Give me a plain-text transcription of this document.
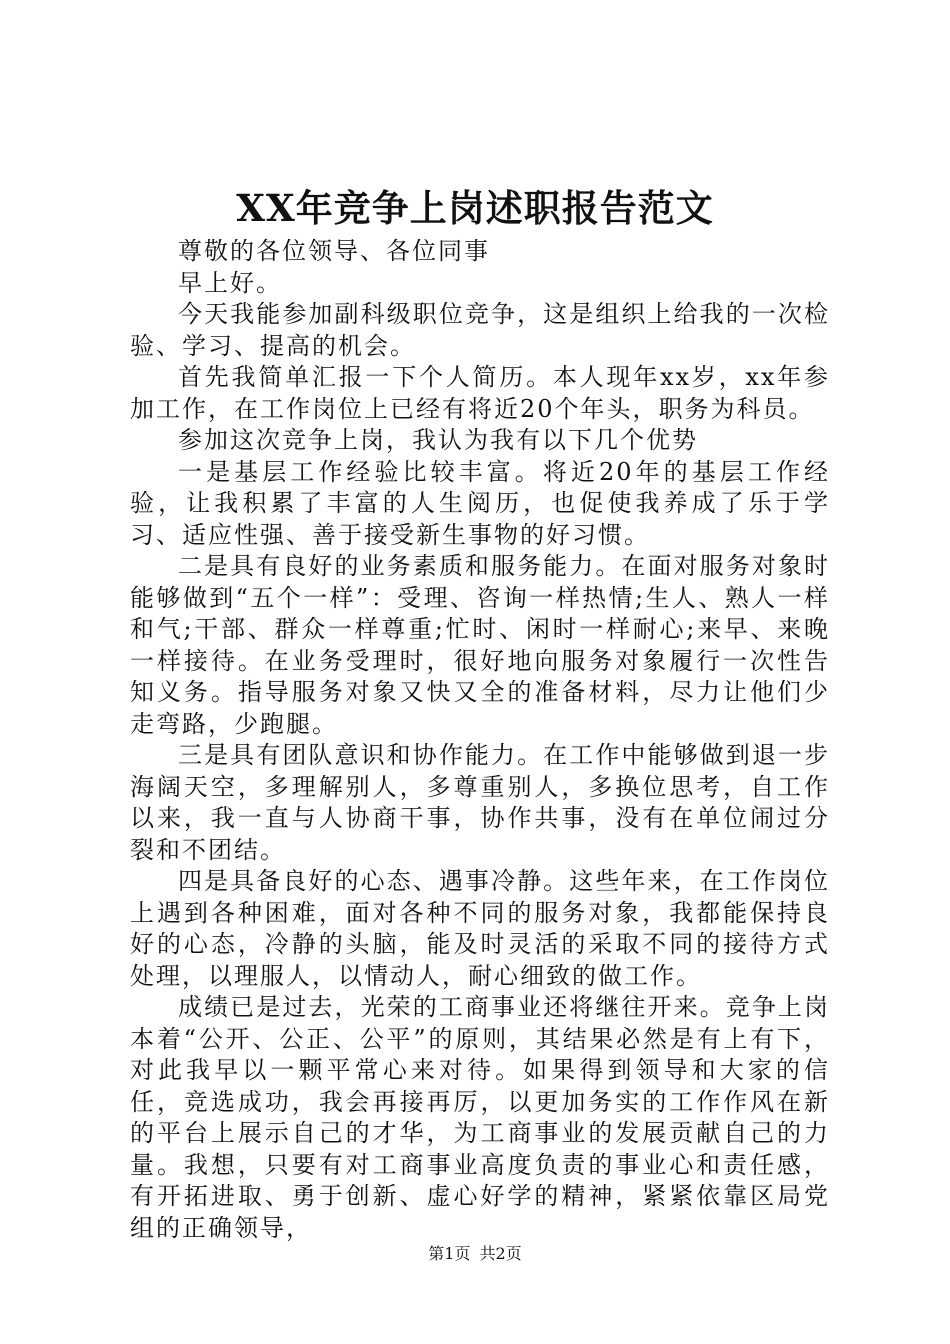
XX年竞争上岗述职报告范文

尊敬的各位领导、各位同事

早上好。

今天我能参加副科级职位竞争，这是组织上给我的一次检验、学习、提高的机会。

首先我简单汇报一下个人简历。本人现年xx岁，xx年参加工作，在工作岗位上已经有将近20个年头，职务为科员。

参加这次竞争上岗，我认为我有以下几个优势

一是基层工作经验比较丰富。将近20年的基层工作经验，让我积累了丰富的人生阅历，也促使我养成了乐于学习、适应性强、善于接受新生事物的好习惯。

二是具有良好的业务素质和服务能力。在面对服务对象时能够做到“五个一样”：受理、咨询一样热情;生人、熟人一样和气;干部、群众一样尊重;忙时、闲时一样耐心;来早、来晚一样接待。在业务受理时，很好地向服务对象履行一次性告知义务。指导服务对象又快又全的准备材料，尽力让他们少走弯路，少跑腿。

三是具有团队意识和协作能力。在工作中能够做到退一步海阔天空，多理解别人，多尊重别人，多换位思考，自工作以来，我一直与人协商干事，协作共事，没有在单位闹过分裂和不团结。

四是具备良好的心态、遇事冷静。这些年来，在工作岗位上遇到各种困难，面对各种不同的服务对象，我都能保持良好的心态，冷静的头脑，能及时灵活的采取不同的接待方式处理，以理服人，以情动人，耐心细致的做工作。

成绩已是过去，光荣的工商事业还将继往开来。竞争上岗本着“公开、公正、公平”的原则，其结果必然是有上有下，对此我早以一颗平常心来对待。如果得到领导和大家的信任，竞选成功，我会再接再厉，以更加务实的工作作风在新的平台上展示自己的才华，为工商事业的发展贡献自己的力量。我想，只要有对工商事业高度负责的事业心和责任感，有开拓进取、勇于创新、虚心好学的精神，紧紧依靠区局党组的正确领导，

第1页 共2页
